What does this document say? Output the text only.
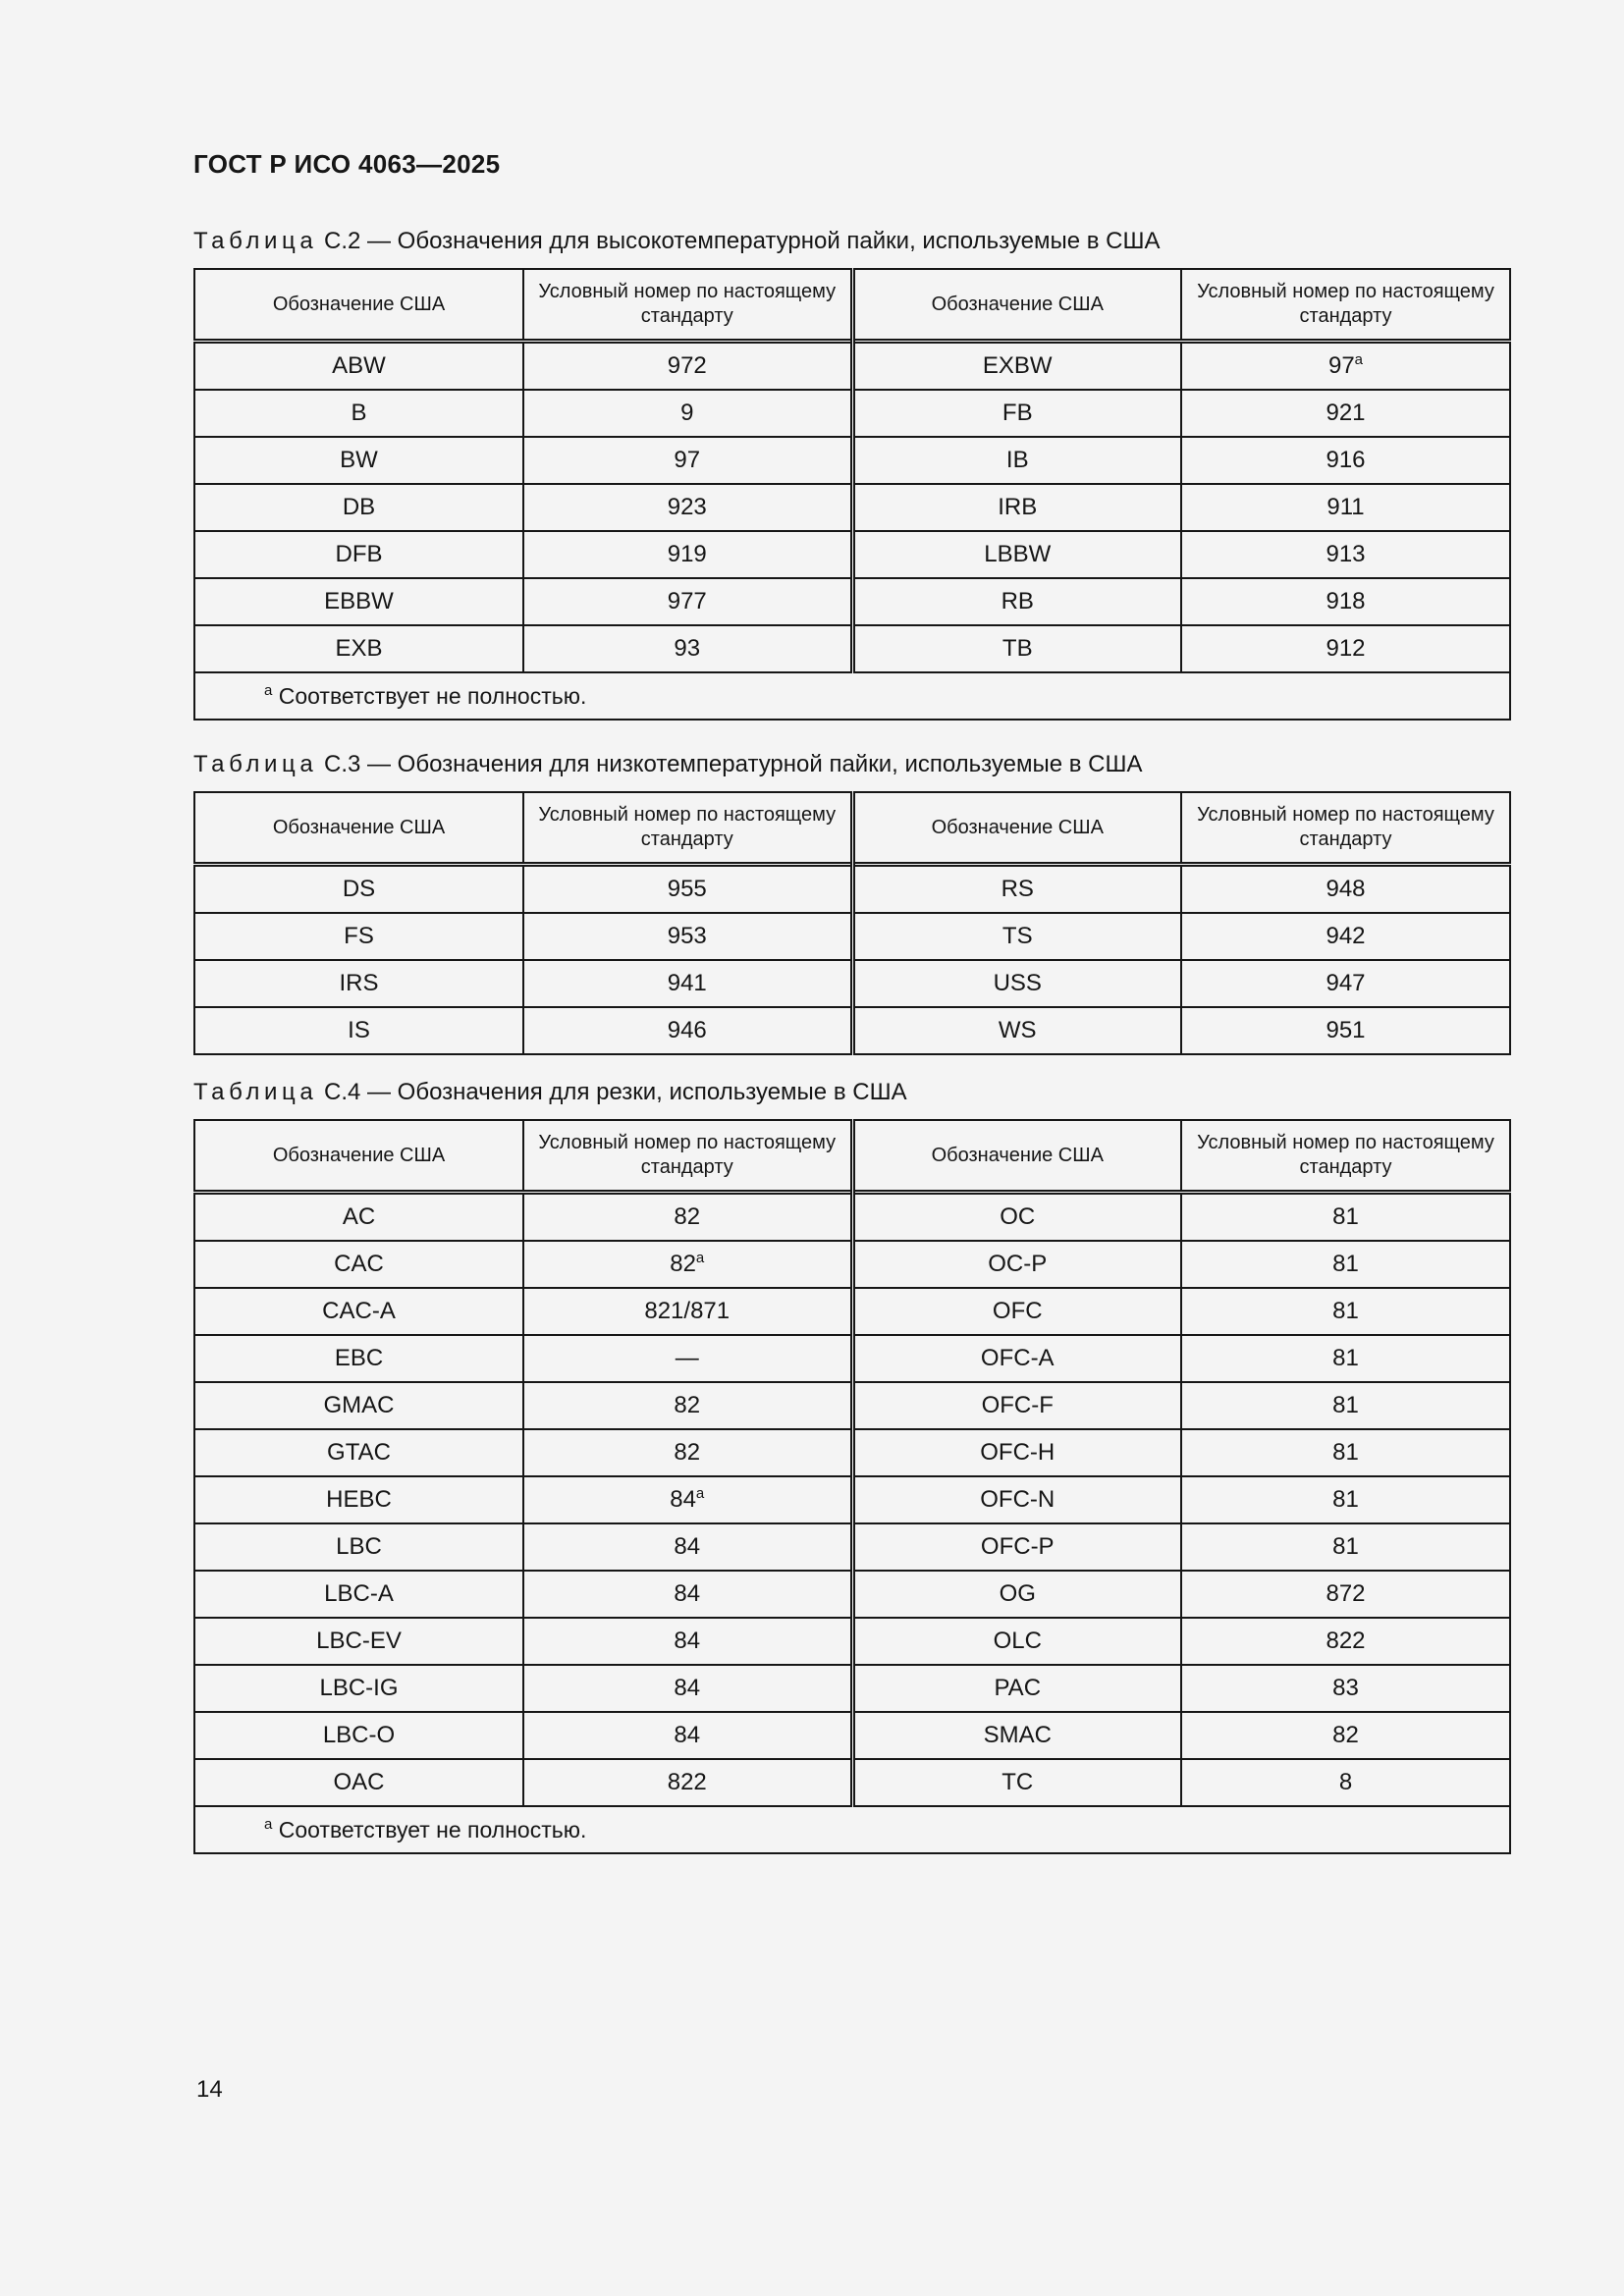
ГОСТ Р ИСО 4063—2025
Таблица С.2 — Обозначения для высокотемпературной пайки, используемые в США
Обозначение США	Условный номер по настоящему стандарту	Обозначение США	Условный номер по настоящему стандарту
ABW	972	EXBW	$97^а$
B	9	FB	921
BW	97	IB	916
DB	923	IRB	911
DFB	919	LBBW	913
EBBW	977	RB	918
EXB	93	TB	912
$^а$ Соответствует не полностью.			
Таблица С.3 — Обозначения для низкотемпературной пайки, используемые в США
Обозначение США	Условный номер по настоящему стандарту	Обозначение США	Условный номер по настоящему стандарту
DS	955	RS	948
FS	953	TS	942
IRS	941	USS	947
IS	946	WS	951
Таблица С.4 — Обозначения для резки, используемые в США
Обозначение США	Условный номер по настоящему стандарту	Обозначение США	Условный номер по настоящему стандарту
AC	82	OC	81
CAC	$82^а$	OC-P	81
CAC-A	821/871	OFC	81
EBC	—	OFC-A	81
GMAC	82	OFC-F	81
GTAC	82	OFC-H	81
HEBC	$84^а$	OFC-N	81
LBC	84	OFC-P	81
LBC-A	84	OG	872
LBC-EV	84	OLC	822
LBC-IG	84	PAC	83
LBC-O	84	SMAC	82
OAC	822	TC	8
$^а$ Соответствует не полностью.			
14
